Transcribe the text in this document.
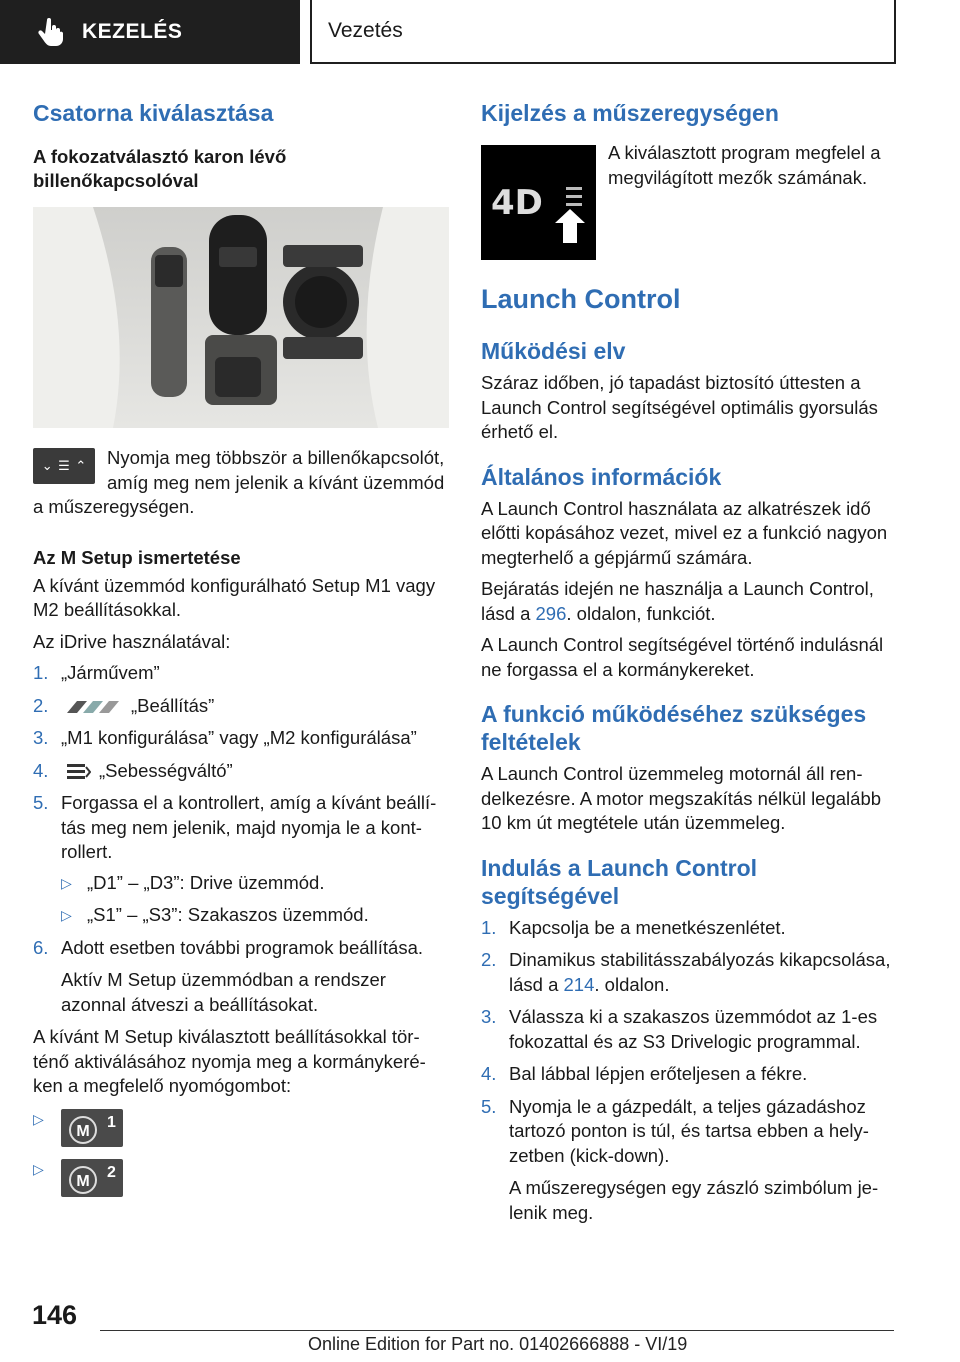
KEZELÉS	Vezetés
Csatorna kiválasztása
A fokozatválasztó karon lévő billenőkapcsolóval
⌄ ☰ ⌃	Nyomja meg többször a billenőkapcsolót, amíg meg nem jelenik a kívánt üzemmód a műszeregységen.

Az M Setup ismertetése

A kívánt üzemmód konfigurálható Setup M1 vagy M2 beállításokkal.

Az iDrive használatával:

1. „Járművem”
2.	„Beállítás”
3. „M1 konfigurálása” vagy „M2 konfigurálása”
4.	„Sebességváltó”
5. Forgassa el a kontrollert, amíg a kívánt beállítás meg nem jelenik, majd nyomja le a kontrollert.
▷ „D1” – „D3”: Drive üzemmód.
▷ „S1” – „S3”: Szakaszos üzemmód.
6. Adott esetben további programok beállítása.

Aktív M Setup üzemmódban a rendszer azonnal átveszi a beállításokat.

A kívánt M Setup kiválasztott beállításokkal történő aktiválásához nyomja meg a kormánykeréken a megfelelő nyomógombot:

▷
M
1
▷
M
2
Kijelzés a műszeregységen
4D

A kiválasztott program megfelel a megvilágított mezők számának.

Launch Control
Működési elv

Száraz időben, jó tapadást biztosító úttesten a Launch Control segítségével optimális gyorsulás érhető el.

Általános információk

A Launch Control használata az alkatrészek idő előtti kopásához vezet, mivel ez a funkció nagyon megterhelő a gépjármű számára.

Bejáratás idején ne használja a Launch Control, lásd a 296. oldalon, funkciót.

A Launch Control segítségével történő indulásnál ne forgassa el a kormánykereket.

A funkció működéséhez szükséges feltételek

A Launch Control üzemmeleg motornál áll rendelkezésre. A motor megszakítás nélkül legalább 10 km út megtétele után üzemmeleg.

Indulás a Launch Control segítségével
1. Kapcsolja be a menetkészenlétet.
2. Dinamikus stabilitásszabályozás kikapcsolása, lásd a 214. oldalon.
3. Válassza ki a szakaszos üzemmódot az 1-es fokozattal és az S3 Drivelogic programmal.
4. Bal lábbal lépjen erőteljesen a fékre.
5. Nyomja le a gázpedált, a teljes gázadáshoz tartozó ponton is túl, és tartsa ebben a helyzetben (kick-down).

A műszeregységen egy zászló szimbólum jelenik meg.

146
Online Edition for Part no. 01402666888 - VI/19
